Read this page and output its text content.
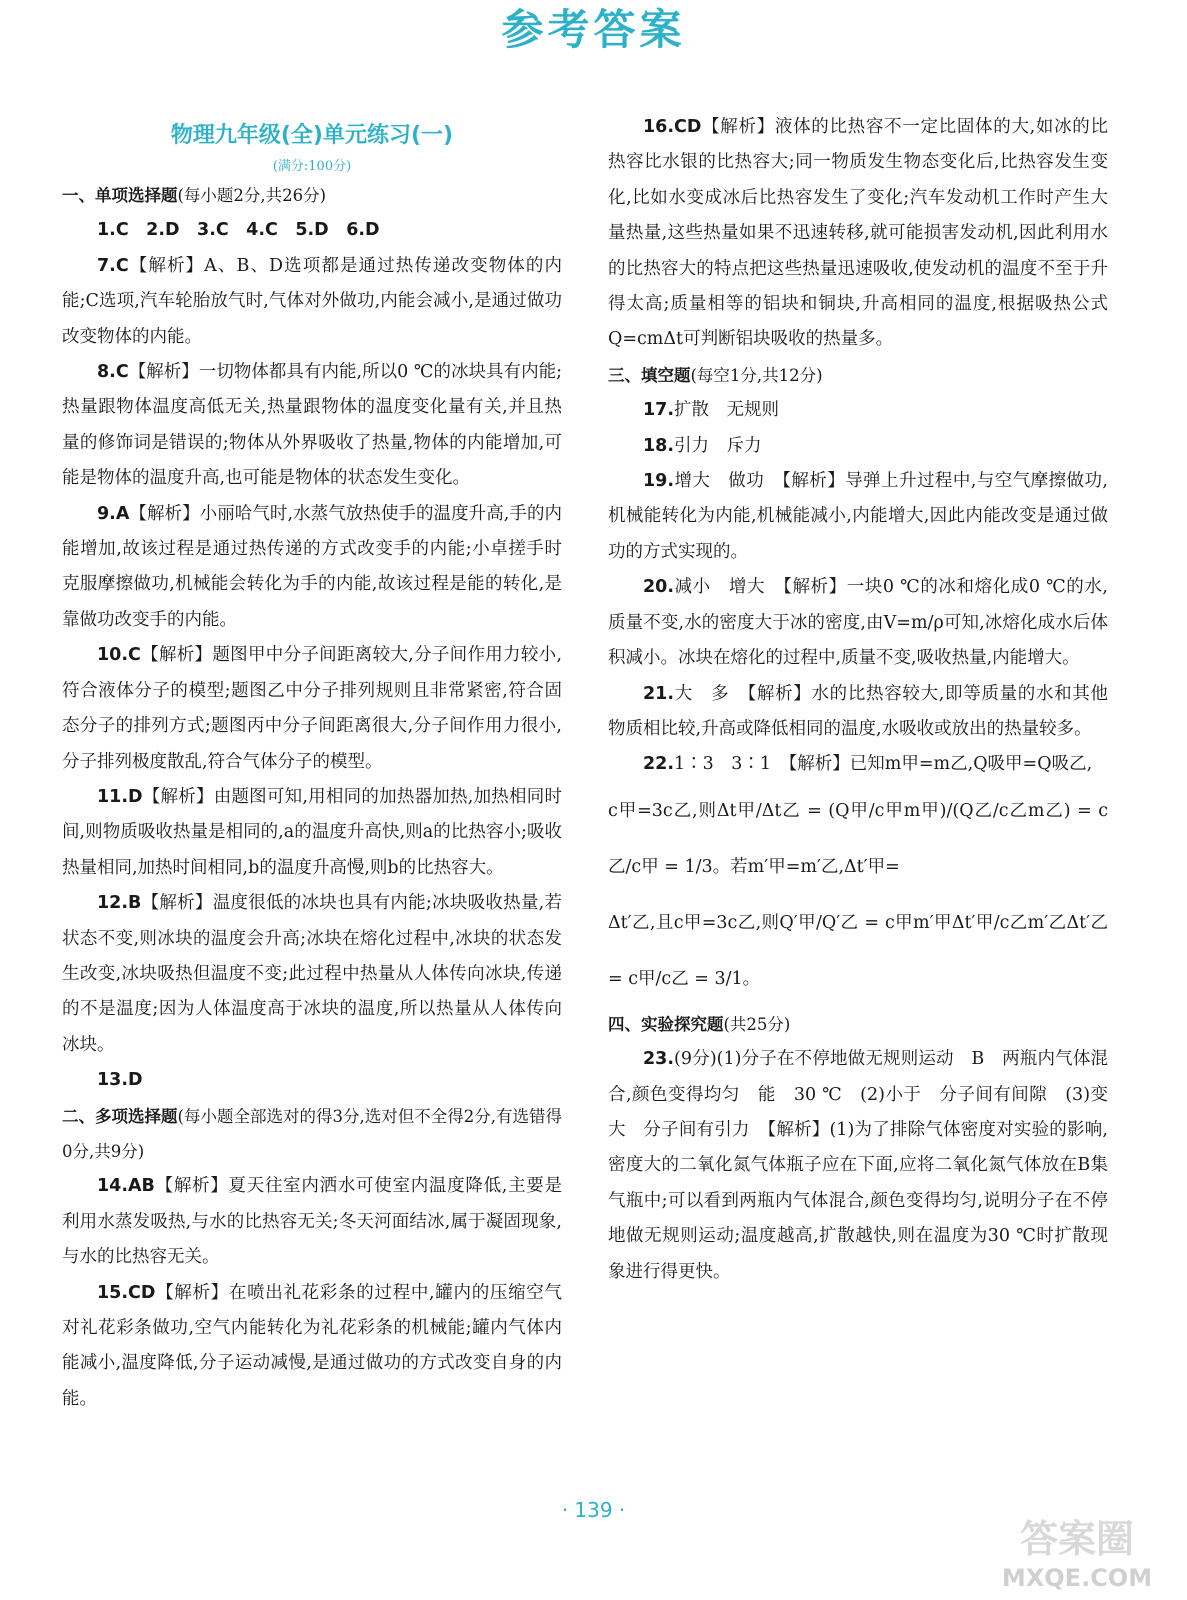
参考答案
物理九年级(全)单元练习(一)
(满分:100分)
一、单项选择题(每小题2分,共26分)
1.C　2.D　3.C　4.C　5.D　6.D
7.C【解析】A、B、D选项都是通过热传递改变物体的内能;C选项,汽车轮胎放气时,气体对外做功,内能会减小,是通过做功改变物体的内能。
8.C【解析】一切物体都具有内能,所以0 ℃的冰块具有内能;热量跟物体温度高低无关,热量跟物体的温度变化量有关,并且热量的修饰词是错误的;物体从外界吸收了热量,物体的内能增加,可能是物体的温度升高,也可能是物体的状态发生变化。
9.A【解析】小丽哈气时,水蒸气放热使手的温度升高,手的内能增加,故该过程是通过热传递的方式改变手的内能;小卓搓手时克服摩擦做功,机械能会转化为手的内能,故该过程是能的转化,是靠做功改变手的内能。
10.C【解析】题图甲中分子间距离较大,分子间作用力较小,符合液体分子的模型;题图乙中分子排列规则且非常紧密,符合固态分子的排列方式;题图丙中分子间距离很大,分子间作用力很小,分子排列极度散乱,符合气体分子的模型。
11.D【解析】由题图可知,用相同的加热器加热,加热相同时间,则物质吸收热量是相同的,a的温度升高快,则a的比热容小;吸收热量相同,加热时间相同,b的温度升高慢,则b的比热容大。
12.B【解析】温度很低的冰块也具有内能;冰块吸收热量,若状态不变,则冰块的温度会升高;冰块在熔化过程中,冰块的状态发生改变,冰块吸热但温度不变;此过程中热量从人体传向冰块,传递的不是温度;因为人体温度高于冰块的温度,所以热量从人体传向冰块。
13.D
二、多项选择题(每小题全部选对的得3分,选对但不全得2分,有选错得0分,共9分)
14.AB【解析】夏天往室内洒水可使室内温度降低,主要是利用水蒸发吸热,与水的比热容无关;冬天河面结冰,属于凝固现象,与水的比热容无关。
15.CD【解析】在喷出礼花彩条的过程中,罐内的压缩空气对礼花彩条做功,空气内能转化为礼花彩条的机械能;罐内气体内能减小,温度降低,分子运动减慢,是通过做功的方式改变自身的内能。
16.CD【解析】液体的比热容不一定比固体的大,如冰的比热容比水银的比热容大;同一物质发生物态变化后,比热容发生变化,比如水变成冰后比热容发生了变化;汽车发动机工作时产生大量热量,这些热量如果不迅速转移,就可能损害发动机,因此利用水的比热容大的特点把这些热量迅速吸收,使发动机的温度不至于升得太高;质量相等的铝块和铜块,升高相同的温度,根据吸热公式Q=cmΔt可判断铝块吸收的热量多。
三、填空题(每空1分,共12分)
17.扩散　无规则
18.引力　斥力
19.增大　做功　【解析】导弹上升过程中,与空气摩擦做功,机械能转化为内能,机械能减小,内能增大,因此内能改变是通过做功的方式实现的。
20.减小　增大　【解析】一块0 ℃的冰和熔化成0 ℃的水,质量不变,水的密度大于冰的密度,由V=m/ρ可知,冰熔化成水后体积减小。冰块在熔化的过程中,质量不变,吸收热量,内能增大。
21.大　多　【解析】水的比热容较大,即等质量的水和其他物质相比较,升高或降低相同的温度,水吸收或放出的热量较多。
22.1∶3　3∶1　【解析】已知m甲=m乙,Q吸甲=Q吸乙,
c甲=3c乙,则Δt甲/Δt乙 = (Q甲/c甲m甲)/(Q乙/c乙m乙) = c乙/c甲 = 1/3。若m′甲=m′乙,Δt′甲=
Δt′乙,且c甲=3c乙,则Q′甲/Q′乙 = c甲m′甲Δt′甲/c乙m′乙Δt′乙 = c甲/c乙 = 3/1。
四、实验探究题(共25分)
23.(9分)(1)分子在不停地做无规则运动　B　两瓶内气体混合,颜色变得均匀　能　30 ℃　(2)小于　分子间有间隙　(3)变大　分子间有引力　【解析】(1)为了排除气体密度对实验的影响,密度大的二氧化氮气体瓶子应在下面,应将二氧化氮气体放在B集气瓶中;可以看到两瓶内气体混合,颜色变得均匀,说明分子在不停地做无规则运动;温度越高,扩散越快,则在温度为30 ℃时扩散现象进行得更快。
· 139 ·
答案圈
MXQE.COM
